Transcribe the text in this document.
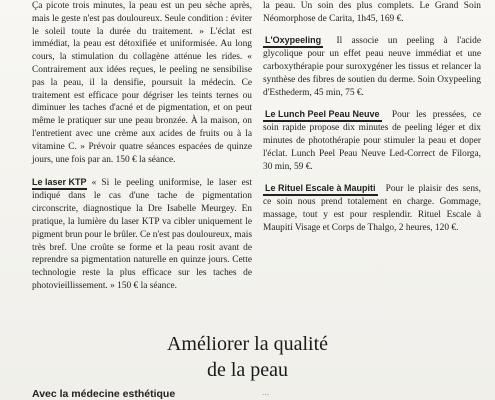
Ça picote trois minutes, la peau est un peu sèche après, mais le geste n'est pas douloureux. Seule condition : éviter le soleil toute la durée du traitement. » L'éclat est immédiat, la peau est détoxifiée et uniformisée. Au long cours, la stimulation du collagène atténue les rides. « Contrairement aux idées reçues, le peeling ne sensibilise pas la peau, il la densifie, poursuit la médecin. Ce traitement est efficace pour dégriser les teints ternes ou diminuer les taches d'acné et de pigmentation, et on peut même le pratiquer sur une peau bronzée. À la maison, on l'entretient avec une crème aux acides de fruits ou à la vitamine C. » Prévoir quatre séances espacées de quinze jours, une fois par an. 150 € la séance.

Le laser KTP « Si le peeling uniformise, le laser est indiqué dans le cas d'une tache de pigmentation circonscrite, diagnostique la Dre Isabelle Meurgey. En pratique, la lumière du laser KTP va cibler uniquement le pigment brun pour le brûler. Ce n'est pas douloureux, mais très bref. Une croûte se forme et la peau rosit avant de reprendre sa pigmentation naturelle en quinze jours. Cette technologie reste la plus efficace sur les taches de photovieillissement. » 150 € la séance.

la peau. Un soin des plus complets. Le Grand Soin Néomorphose de Carita, 1h45, 169 €.

L'Oxypeeling Il associe un peeling à l'acide glycolique pour un effet peau neuve immédiat et une carboxythérapie pour suroxygéner les tissus et relancer la synthèse des fibres de soutien du derme. Soin Oxypeeling d'Esthederm, 45 min, 75 €.

Le Lunch Peel Peau Neuve Pour les pressées, ce soin rapide propose dix minutes de peeling léger et dix minutes de photothérapie pour stimuler la peau et doper l'éclat. Lunch Peel Peau Neuve Led-Correct de Filorga, 30 min, 59 €.

Le Rituel Escale à Maupiti Pour le plaisir des sens, ce soin nous prend totalement en charge. Gommage, massage, tout y est pour resplendir. Rituel Escale à Maupiti Visage et Corps de Thalgo, 2 heures, 120 €.

Améliorer la qualité
de la peau
Avec la médecine esthétique	...
